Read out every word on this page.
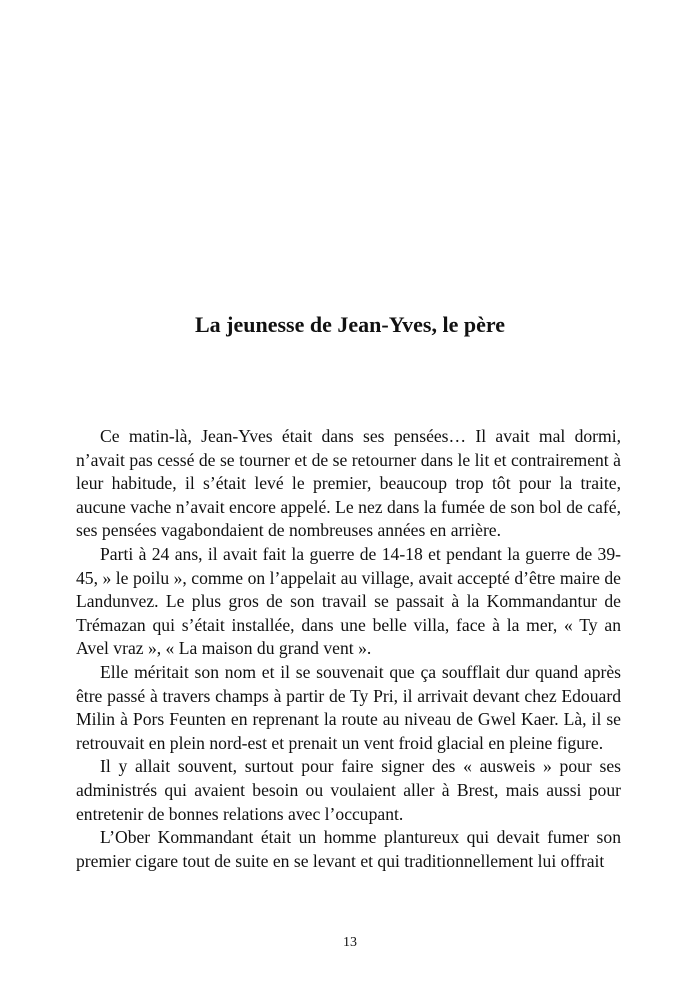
La jeunesse de Jean-Yves, le père

Ce matin-là, Jean-Yves était dans ses pensées… Il avait mal dormi, n’avait pas cessé de se tourner et de se retourner dans le lit et contrairement à leur habitude, il s’était levé le premier, beaucoup trop tôt pour la traite, aucune vache n’avait encore appelé. Le nez dans la fumée de son bol de café, ses pensées vagabondaient de nombreuses années en arrière.

Parti à 24 ans, il avait fait la guerre de 14-18 et pendant la guerre de 39-45, » le poilu », comme on l’appelait au village, avait accepté d’être maire de Landunvez. Le plus gros de son travail se passait à la Kommandantur de Trémazan qui s’était installée, dans une belle villa, face à la mer, « Ty an Avel vraz », « La maison du grand vent ».

Elle méritait son nom et il se souvenait que ça soufflait dur quand après être passé à travers champs à partir de Ty Pri, il arrivait devant chez Edouard Milin à Pors Feunten en reprenant la route au niveau de Gwel Kaer. Là, il se retrouvait en plein nord-est et prenait un vent froid glacial en pleine figure.

Il y allait souvent, surtout pour faire signer des « ausweis » pour ses administrés qui avaient besoin ou voulaient aller à Brest, mais aussi pour entretenir de bonnes relations avec l’occupant.

L’Ober Kommandant était un homme plantureux qui devait fumer son premier cigare tout de suite en se levant et qui traditionnellement lui offrait

13
